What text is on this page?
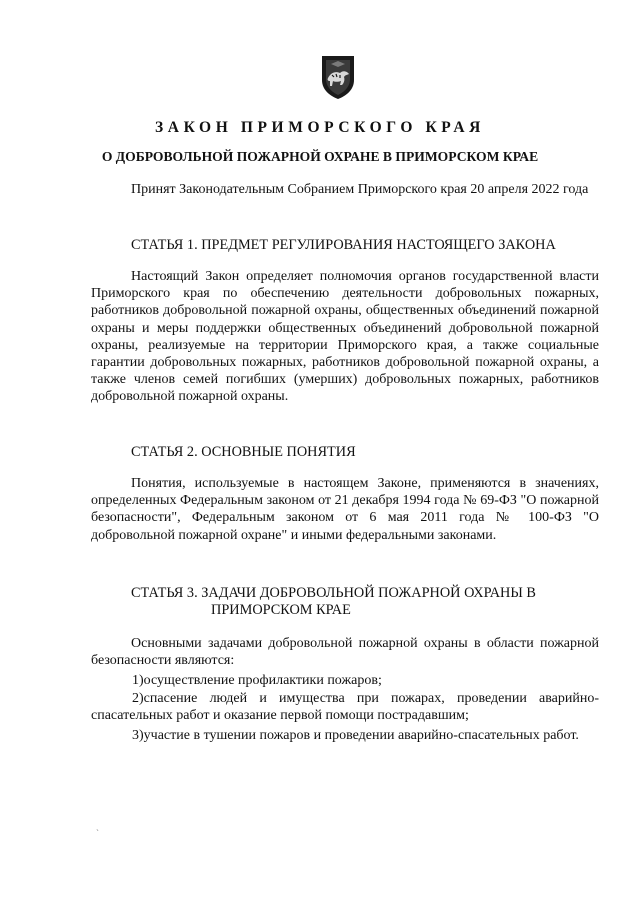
ЗАКОН ПРИМОРСКОГО КРАЯ
О ДОБРОВОЛЬНОЙ ПОЖАРНОЙ ОХРАНЕ В ПРИМОРСКОМ КРАЕ

Принят Законодательным Собранием Приморского края 20 апреля 2022 года

СТАТЬЯ 1. ПРЕДМЕТ РЕГУЛИРОВАНИЯ НАСТОЯЩЕГО ЗАКОНА

Настоящий Закон определяет полномочия органов государственной власти Приморского края по обеспечению деятельности добровольных пожарных, работников добровольной пожарной охраны, общественных объединений пожарной охраны и меры поддержки общественных объединений добровольной пожарной охраны, реализуемые на территории Приморского края, а также социальные гарантии добровольных пожарных, работников добровольной пожарной охраны, а также членов семей погибших (умерших) добровольных пожарных, работников добровольной пожарной охраны.

СТАТЬЯ 2. ОСНОВНЫЕ ПОНЯТИЯ

Понятия, используемые в настоящем Законе, применяются в значениях, определенных Федеральным законом от 21 декабря 1994 года № 69-ФЗ "О пожарной безопасности", Федеральным законом от 6 мая 2011 года № 100-ФЗ "О добровольной пожарной охране" и иными федеральными законами.

СТАТЬЯ 3. ЗАДАЧИ ДОБРОВОЛЬНОЙ ПОЖАРНОЙ ОХРАНЫ В
ПРИМОРСКОМ КРАЕ

Основными задачами добровольной пожарной охраны в области пожарной безопасности являются:

1)осуществление профилактики пожаров;

2)спасение людей и имущества при пожарах, проведении аварийно-спасательных работ и оказание первой помощи пострадавшим;

3)участие в тушении пожаров и проведении аварийно-спасательных работ.

`
